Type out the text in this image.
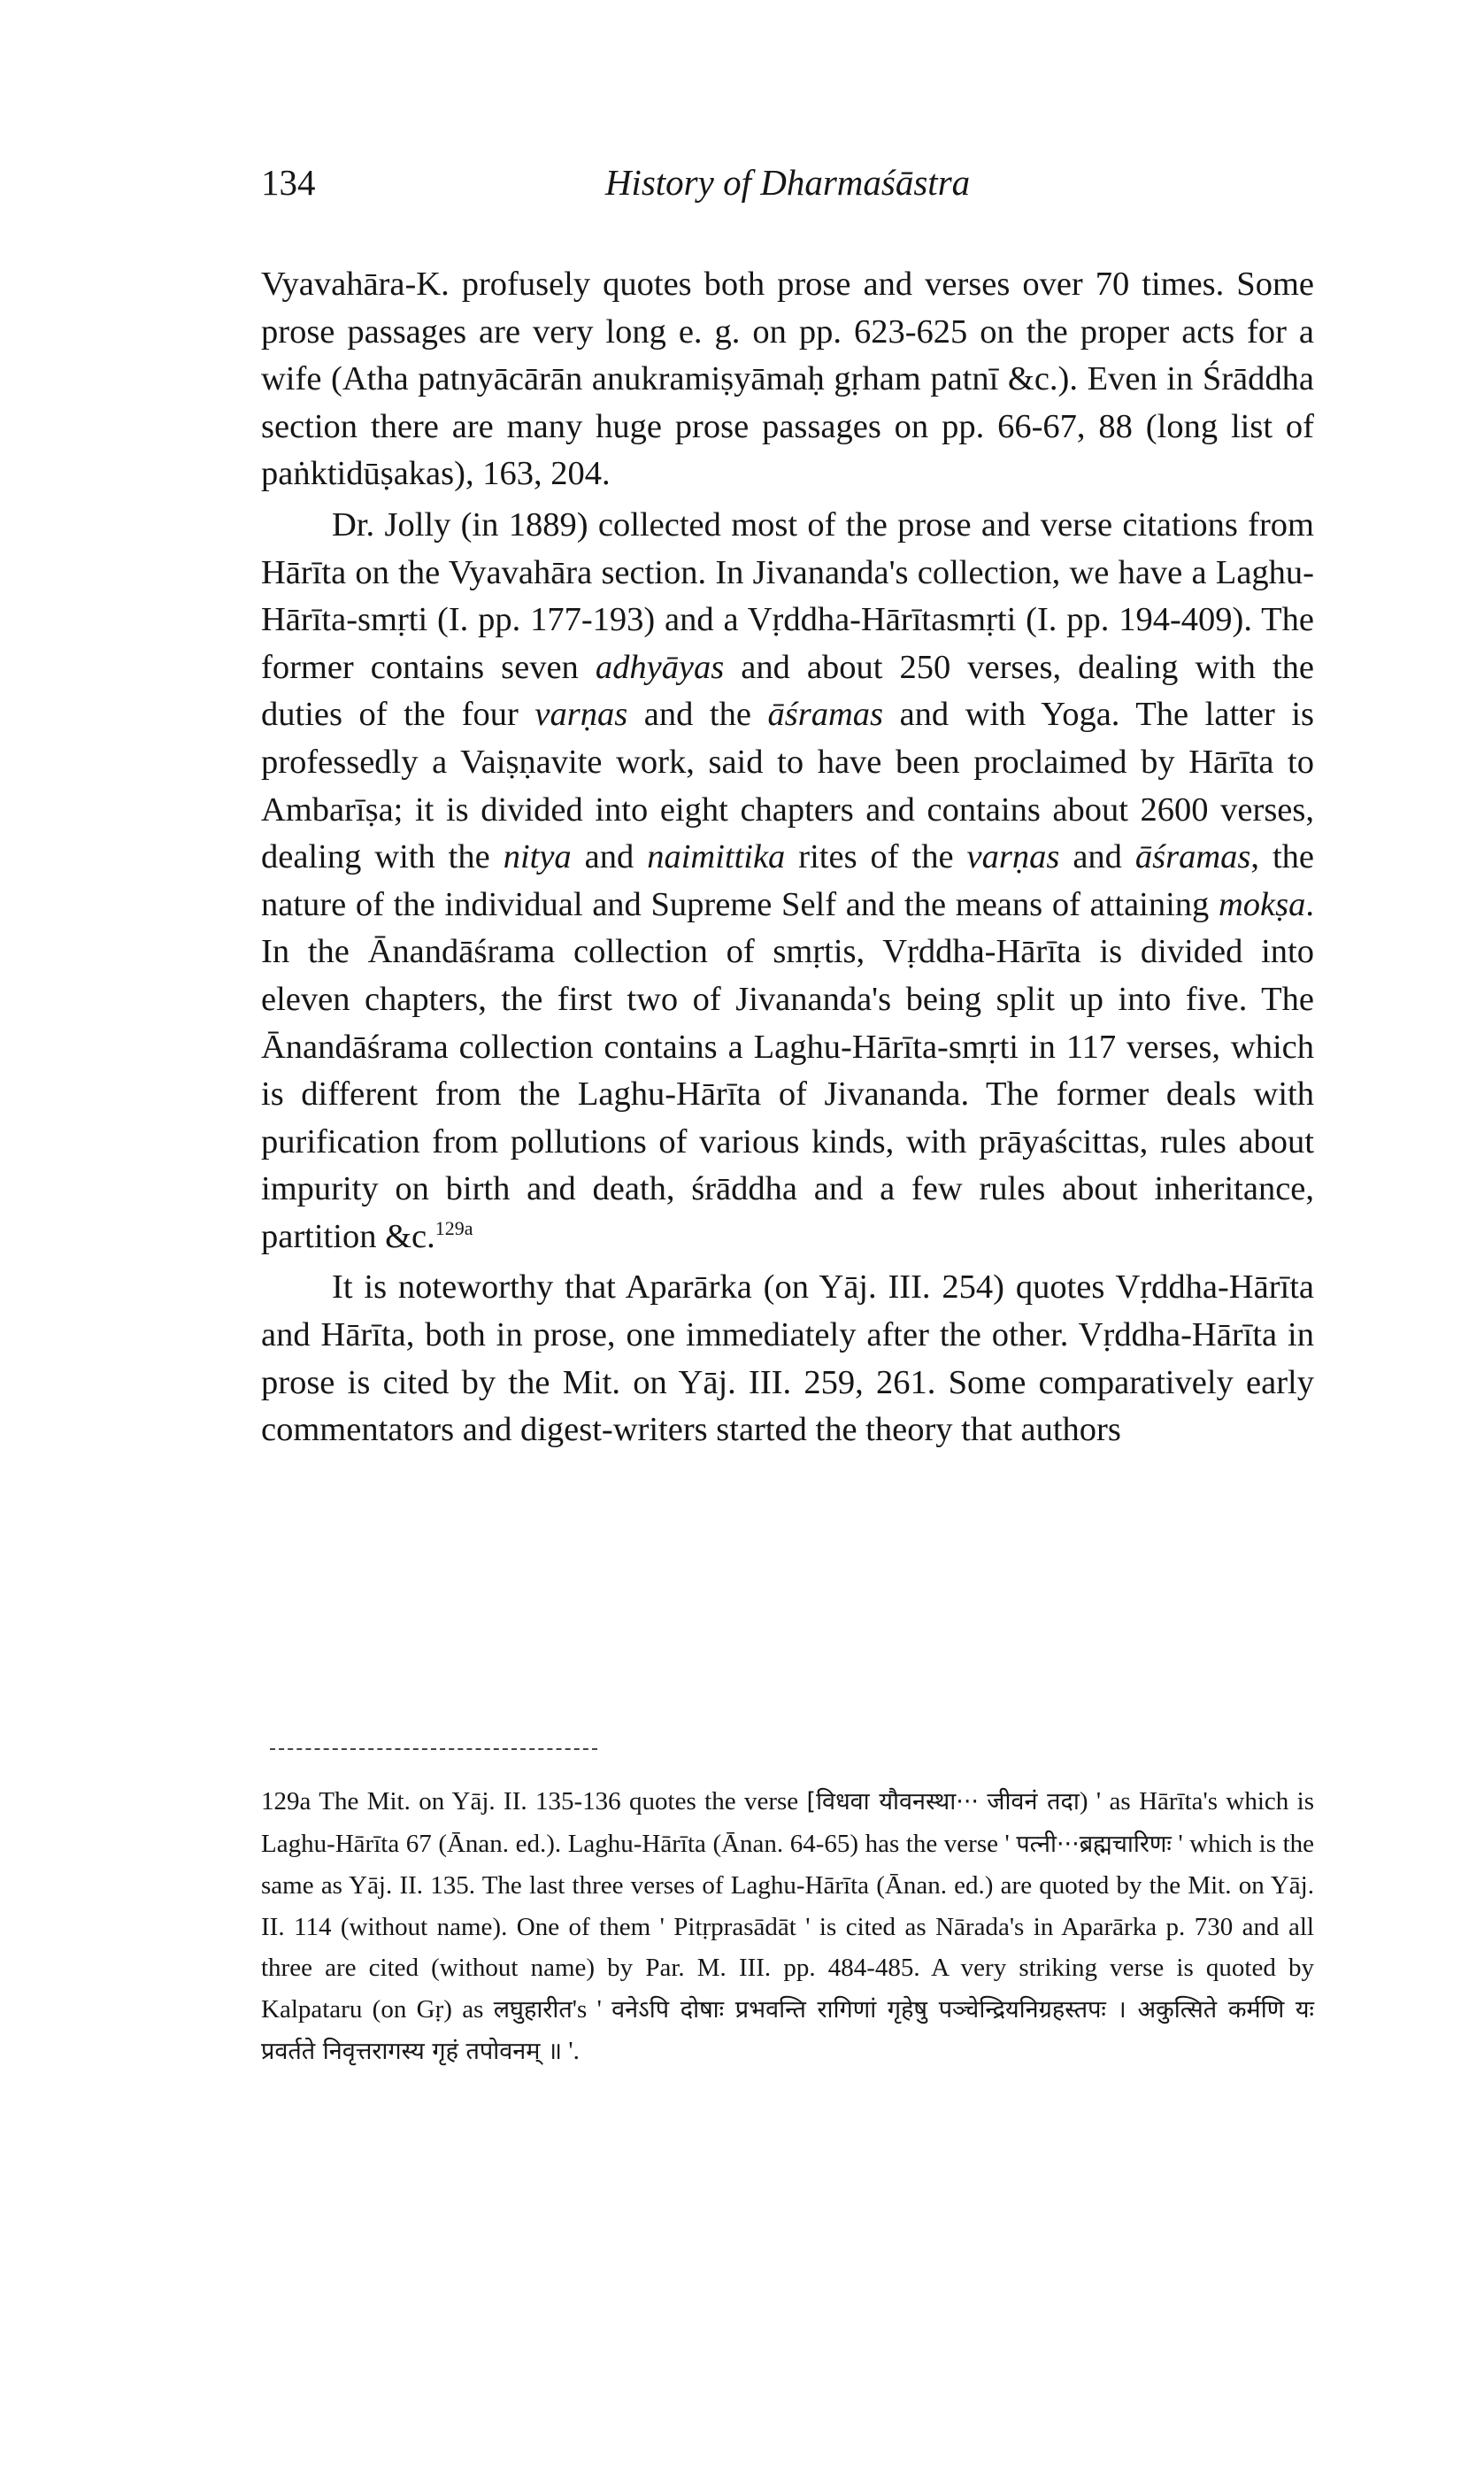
134	History of Dharmaśāstra

Vyavahāra-K. profusely quotes both prose and verses over 70 times. Some prose passages are very long e. g. on pp. 623-625 on the proper acts for a wife (Atha patnyācārān anukramiṣyāmaḥ gṛham patnī &c.). Even in Śrāddha section there are many huge prose passages on pp. 66-67, 88 (long list of paṅktidūṣakas), 163, 204.

Dr. Jolly (in 1889) collected most of the prose and verse citations from Hārīta on the Vyavahāra section. In Jivananda's collection, we have a Laghu-Hārīta-smṛti (I. pp. 177-193) and a Vṛddha-Hārītasmṛti (I. pp. 194-409). The former contains seven adhyāyas and about 250 verses, dealing with the duties of the four varṇas and the āśramas and with Yoga. The latter is professedly a Vaiṣṇavite work, said to have been proclaimed by Hārīta to Ambarīṣa; it is divided into eight chapters and contains about 2600 verses, dealing with the nitya and naimittika rites of the varṇas and āśramas, the nature of the individual and Supreme Self and the means of attaining mokṣa. In the Ānandāśrama collection of smṛtis, Vṛddha-Hārīta is divided into eleven chapters, the first two of Jivananda's being split up into five. The Ānandāśrama collection contains a Laghu-Hārīta-smṛti in 117 verses, which is different from the Laghu-Hārīta of Jivananda. The former deals with purification from pollutions of various kinds, with prāyaścittas, rules about impurity on birth and death, śrāddha and a few rules about inheritance, partition &c.$^{129a}$

It is noteworthy that Aparārka (on Yāj. III. 254) quotes Vṛddha-Hārīta and Hārīta, both in prose, one immediately after the other. Vṛddha-Hārīta in prose is cited by the Mit. on Yāj. III. 259, 261. Some comparatively early commentators and digest-writers started the theory that authors

129a The Mit. on Yāj. II. 135-136 quotes the verse [विधवा यौवनस्था··· जीवनं तदा) ' as Hārīta's which is Laghu-Hārīta 67 (Ānan. ed.). Laghu-Hārīta (Ānan. 64-65) has the verse ' पत्नी···ब्रह्मचारिणः ' which is the same as Yāj. II. 135. The last three verses of Laghu-Hārīta (Ānan. ed.) are quoted by the Mit. on Yāj. II. 114 (without name). One of them ' Pitṛprasādāt ' is cited as Nārada's in Aparārka p. 730 and all three are cited (without name) by Par. M. III. pp. 484-485. A very striking verse is quoted by Kalpataru (on Gṛ) as लघुहारीत's ' वनेऽपि दोषाः प्रभवन्ति रागिणां गृहेषु पञ्चेन्द्रियनिग्रहस्तपः । अकुत्सिते कर्मणि यः प्रवर्तते निवृत्तरागस्य गृहं तपोवनम् ॥ '.
